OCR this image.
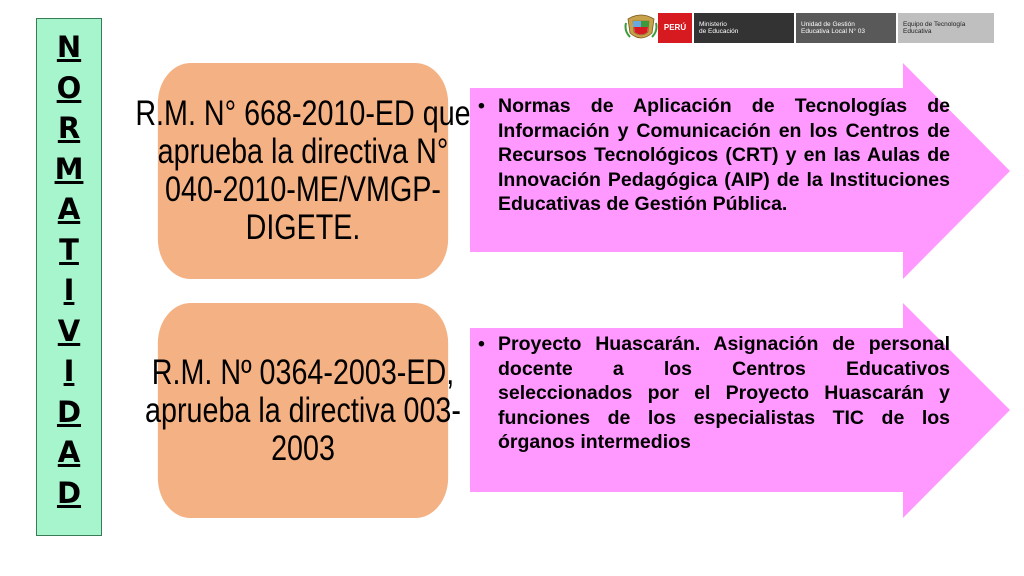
N
O
R
M
A
T
I
V
I
D
A
D
PERÚ Ministerio
de Educación
Unidad de Gestión
Educativa Local N° 03
Equipo de Tecnología
Educativa
R.M. N° 668-2010-ED que aprueba la directiva N° 040-2010-ME/VMGP-DIGETE.
• Normas de Aplicación de Tecnologías de Información y Comunicación en los Centros de Recursos Tecnológicos (CRT) y en las Aulas de Innovación Pedagógica (AIP) de la Instituciones Educativas de Gestión Pública.
R.M. Nº 0364-2003-ED, aprueba la directiva 003-2003
• Proyecto Huascarán. Asignación de personal docente a los Centros Educativos seleccionados por el Proyecto Huascarán y funciones de los especialistas TIC de los órganos intermedios
